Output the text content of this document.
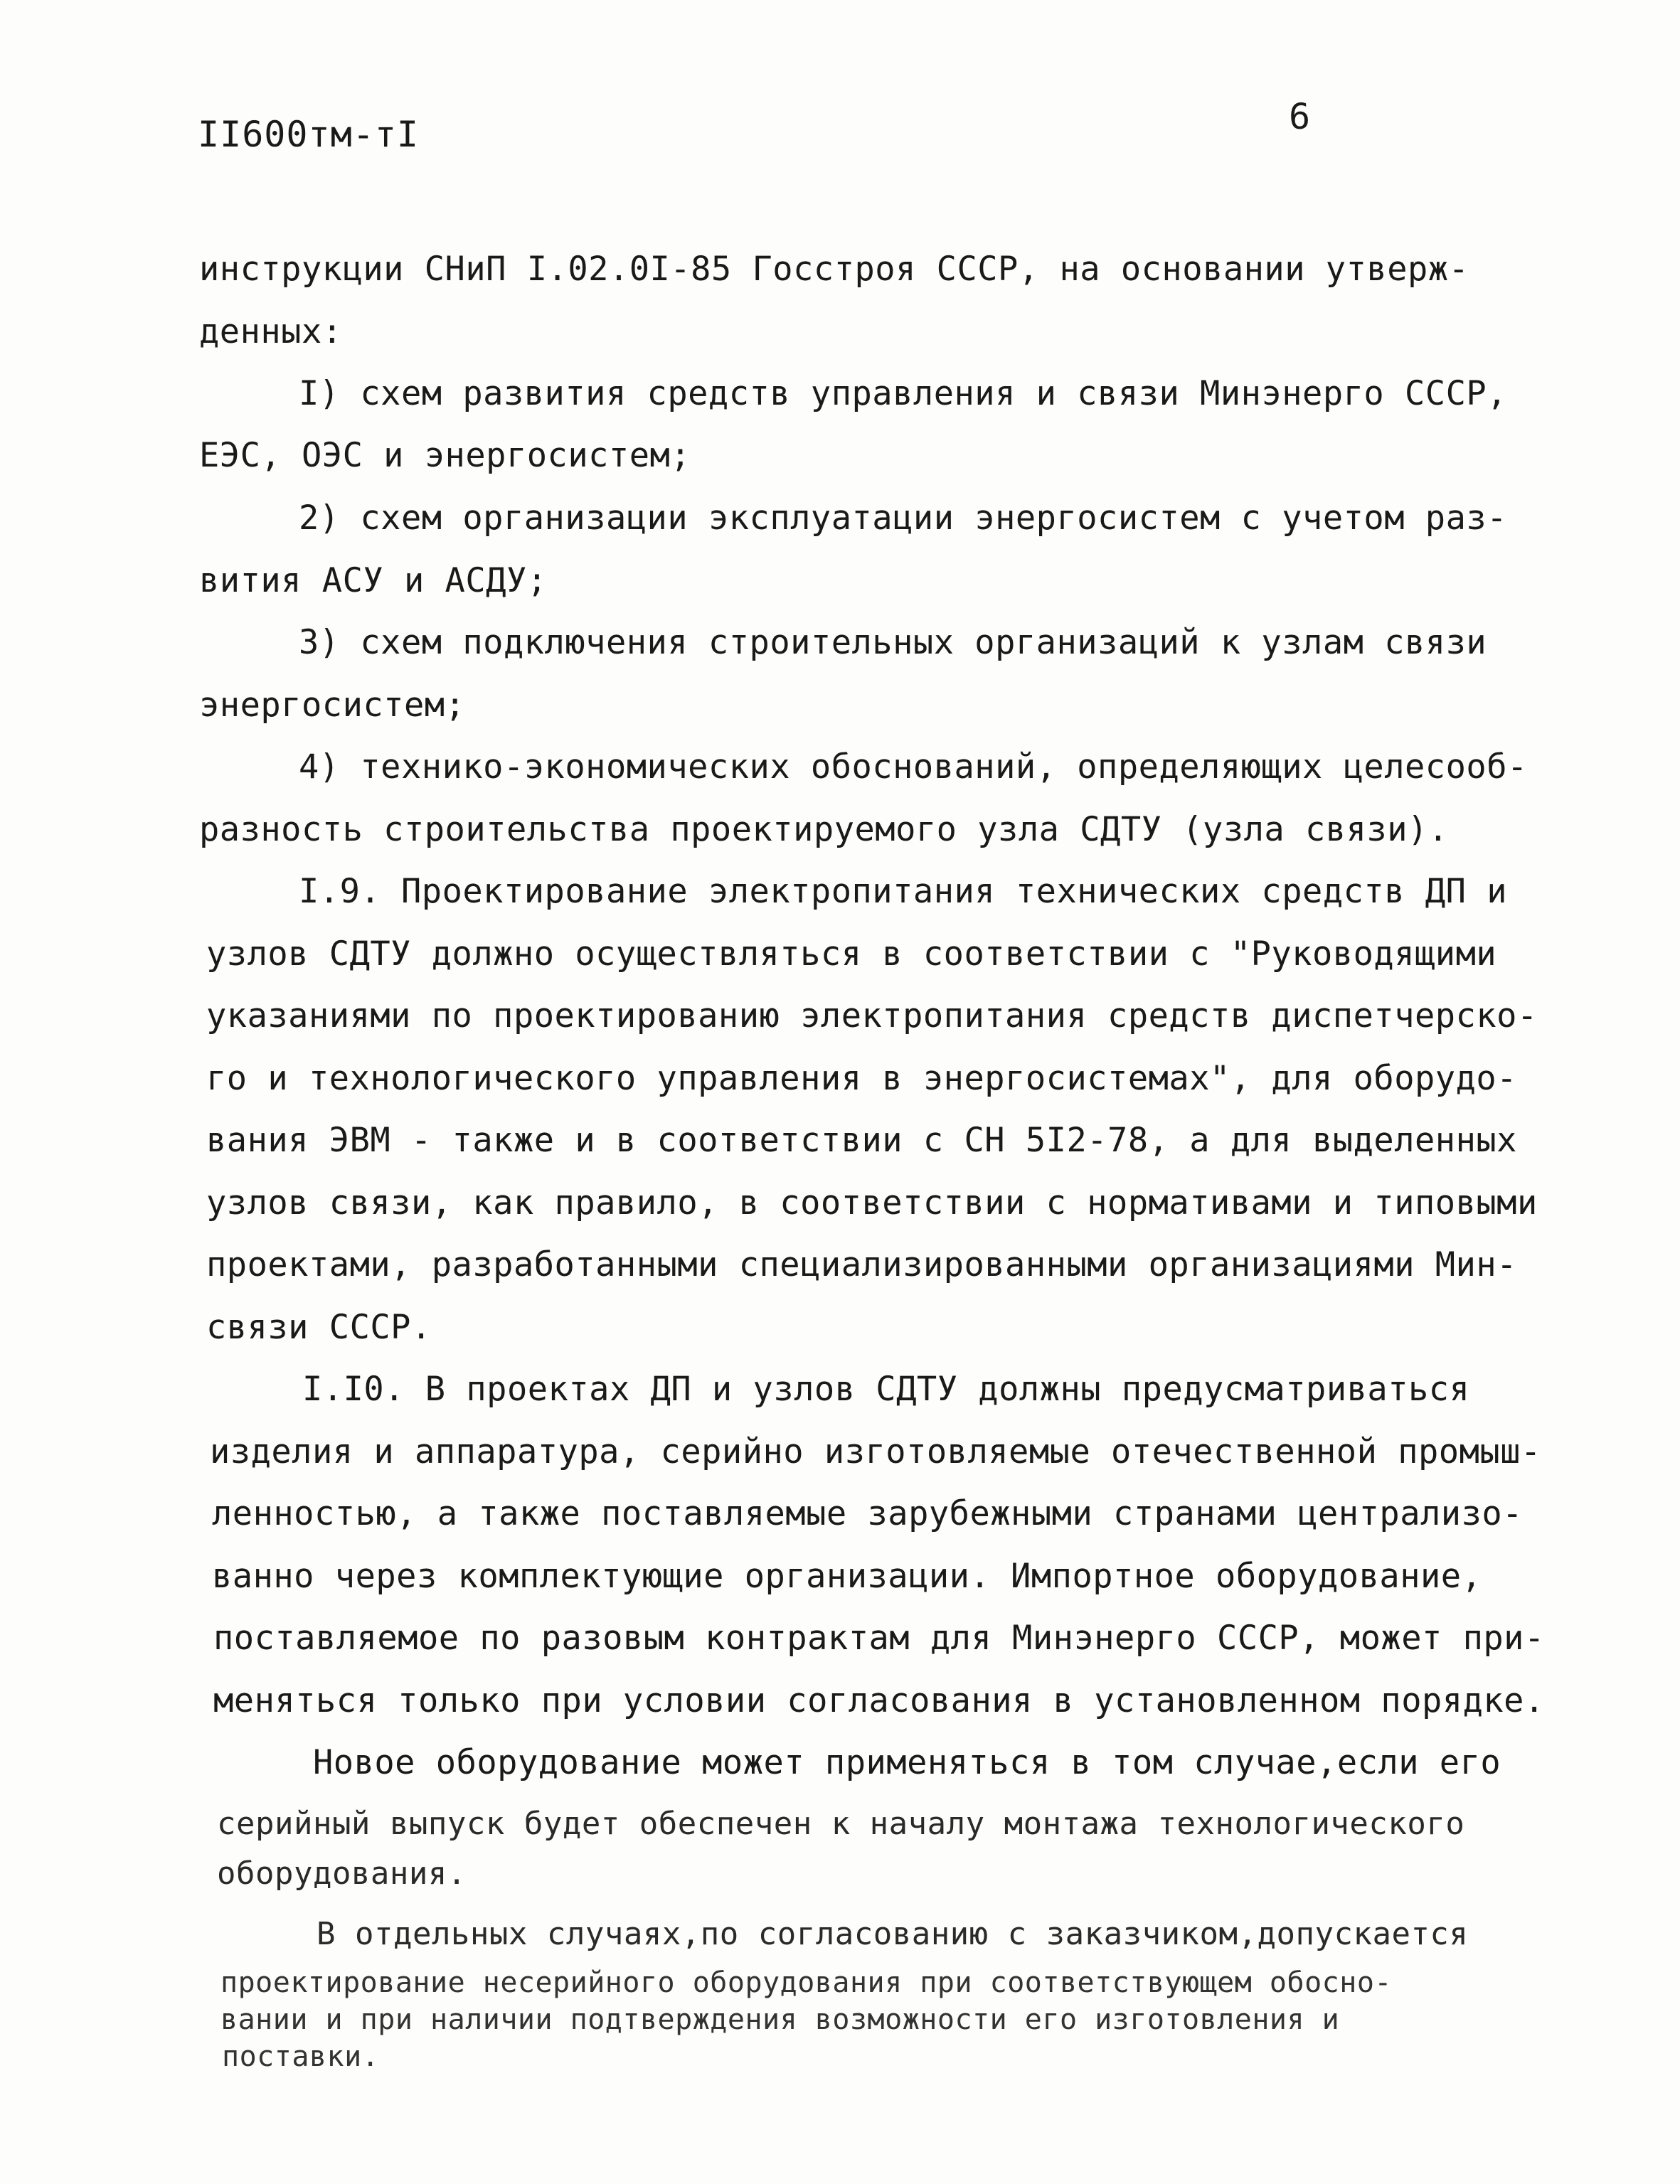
II600тм-тI	6
инструкции СНиП I.02.0I-85 Госстроя СССР, на основании утверж-
денных:
I) схем развития средств управления и связи Минэнерго СССР,
ЕЭС, ОЭС и энергосистем;
2) схем организации эксплуатации энергосистем с учетом раз-
вития АСУ и АСДУ;
3) схем подключения строительных организаций к узлам связи
энергосистем;
4) технико-экономических обоснований, определяющих целесооб-
разность строительства проектируемого узла СДТУ (узла связи).
I.9. Проектирование электропитания технических средств ДП и
узлов СДТУ должно осуществляться в соответствии с "Руководящими
указаниями по проектированию электропитания средств диспетчерско-
го и технологического управления в энергосистемах", для оборудо-
вания ЭВМ - также и в соответствии с СН 5I2-78, а для выделенных
узлов связи, как правило, в соответствии с нормативами и типовыми
проектами, разработанными специализированными организациями Мин-
связи СССР.
I.I0. В проектах ДП и узлов СДТУ должны предусматриваться
изделия и аппаратура, серийно изготовляемые отечественной промыш-
ленностью, а также поставляемые зарубежными странами централизо-
ванно через комплектующие организации. Импортное оборудование,
поставляемое по разовым контрактам для Минэнерго СССР, может при-
меняться только при условии согласования в установленном порядке.
Новое оборудование может применяться в том случае,если его
серийный выпуск будет обеспечен к началу монтажа технологического
оборудования.
В отдельных случаях,по согласованию с заказчиком,допускается
проектирование несерийного оборудования при соответствующем обосно-
вании и при наличии подтверждения возможности его изготовления и
поставки.
